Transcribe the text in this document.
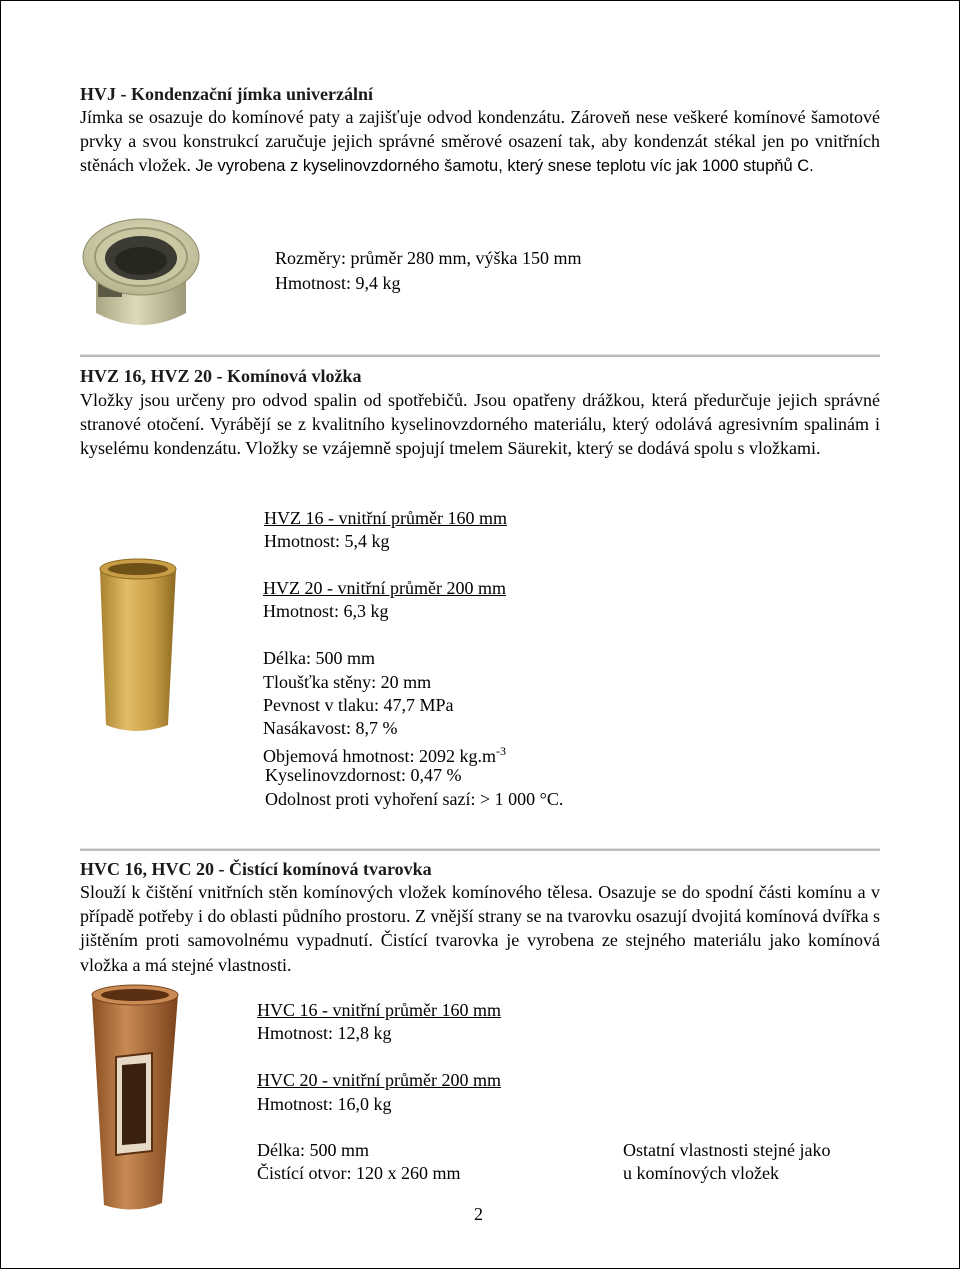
HVJ - Kondenzační jímka univerzální
Jímka se osazuje do komínové paty a zajišťuje odvod kondenzátu. Zároveň nese veškeré komínové šamotové prvky a svou konstrukcí zaručuje jejich správné směrové osazení tak, aby kondenzát stékal jen po vnitřních stěnách vložek. Je vyrobena z kyselinovzdorného šamotu, který snese teplotu víc jak 1000 stupňů C.
Rozměry: průměr 280 mm, výška 150 mm
Hmotnost: 9,4 kg
HVZ 16, HVZ 20 - Komínová vložka
Vložky jsou určeny pro odvod spalin od spotřebičů. Jsou opatřeny drážkou, která předurčuje jejich správné stranové otočení. Vyrábějí se z kvalitního kyselinovzdorného materiálu, který odolává agresivním spalinám i kyselému kondenzátu. Vložky se vzájemně spojují tmelem Säurekit, který se dodává spolu s vložkami.
HVZ 16 - vnitřní průměr 160 mm
Hmotnost: 5,4 kg
HVZ 20 - vnitřní průměr 200 mm
Hmotnost: 6,3 kg
Délka: 500 mm
Tloušťka stěny: 20 mm
Pevnost v tlaku: 47,7 MPa
Nasákavost: 8,7 %
Objemová hmotnost: 2092 $kg.m^{-3}$
Kyselinovzdornost: 0,47 %
Odolnost proti vyhoření sazí: > 1 000 °C.
HVC 16, HVC 20 - Čistící komínová tvarovka
Slouží k čištění vnitřních stěn komínových vložek komínového tělesa. Osazuje se do spodní části komínu a v případě potřeby i do oblasti půdního prostoru. Z vnější strany se na tvarovku osazují dvojitá komínová dvířka s jištěním proti samovolnému vypadnutí. Čistící tvarovka je vyrobena ze stejného materiálu jako komínová vložka a má stejné vlastnosti.
HVC 16 - vnitřní průměr 160 mm
Hmotnost: 12,8 kg
HVC 20 - vnitřní průměr 200 mm
Hmotnost: 16,0 kg
Délka: 500 mm
Čistící otvor: 120 x 260 mm
Ostatní vlastnosti stejné jako
u komínových vložek
2
